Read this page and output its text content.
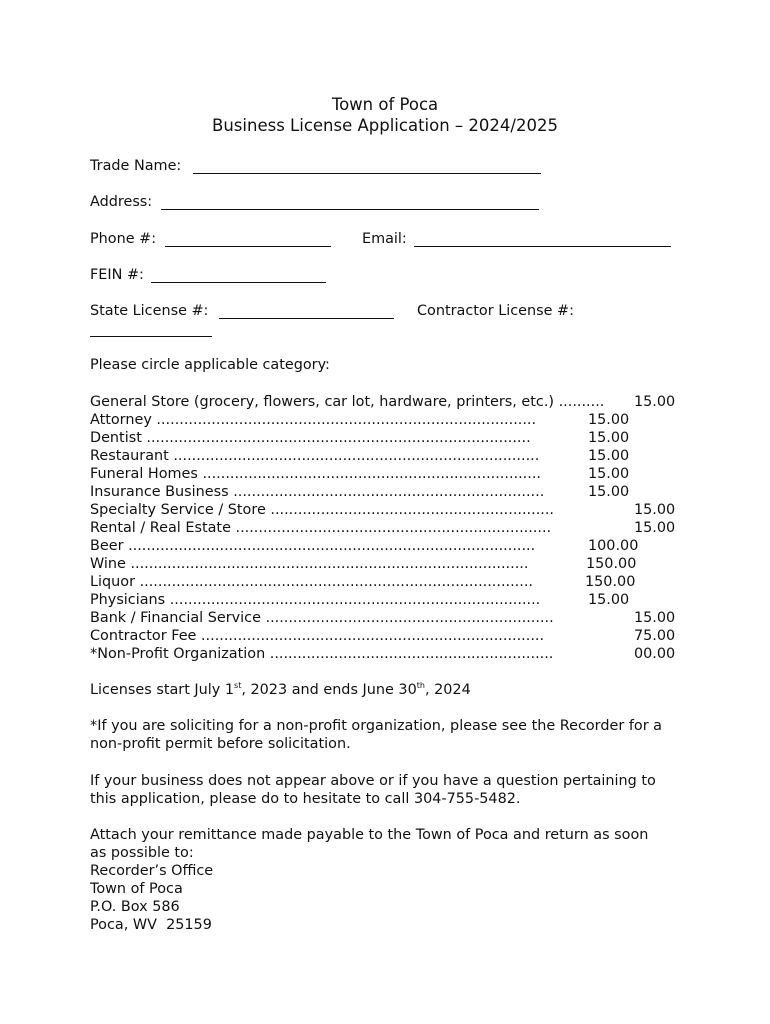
Town of Poca
Business License Application – 2024/2025
Trade Name:
Address:
Phone #:	Email:
FEIN #:
State License #:	Contractor License #:
Please circle applicable category:
General Store (grocery, flowers, car lot, hardware, printers, etc.) .......... 15.00
Attorney ...................................................................................	15.00
Dentist ....................................................................................	15.00
Restaurant ................................................................................	15.00
Funeral Homes ..........................................................................	15.00
Insurance Business ....................................................................	15.00
Specialty Service / Store ..............................................................	15.00
Rental / Real Estate .....................................................................	15.00
Beer .........................................................................................	100.00
Wine .......................................................................................	150.00
Liquor ......................................................................................	150.00
Physicians .................................................................................	15.00
Bank / Financial Service ...............................................................	15.00
Contractor Fee ...........................................................................	75.00
*Non-Profit Organization ..............................................................	00.00
Licenses start July 1st, 2023 and ends June 30th, 2024
*If you are soliciting for a non-profit organization, please see the Recorder for a non-profit permit before solicitation.
If your business does not appear above or if you have a question pertaining to this application, please do to hesitate to call 304-755-5482.
Attach your remittance made payable to the Town of Poca and return as soon as possible to:
Recorder’s Office
Town of Poca
P.O. Box 586
Poca, WV  25159
